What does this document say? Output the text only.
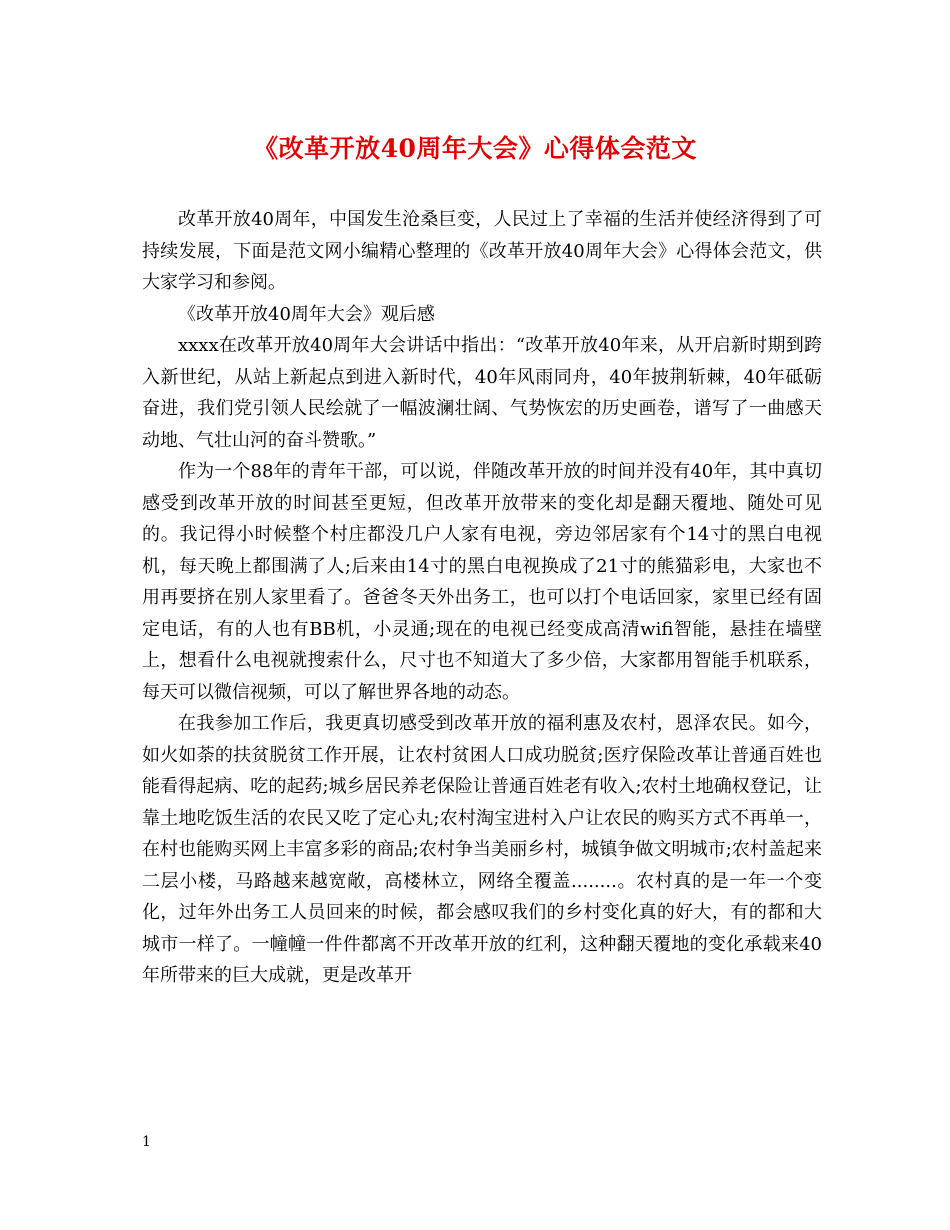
《改革开放40周年大会》心得体会范文

改革开放40周年，中国发生沧桑巨变，人民过上了幸福的生活并使经济得到了可持续发展，下面是范文网小编精心整理的《改革开放40周年大会》心得体会范文，供大家学习和参阅。

《改革开放40周年大会》观后感

xxxx在改革开放40周年大会讲话中指出：“改革开放40年来，从开启新时期到跨入新世纪，从站上新起点到进入新时代，40年风雨同舟，40年披荆斩棘，40年砥砺奋进，我们党引领人民绘就了一幅波澜壮阔、气势恢宏的历史画卷，谱写了一曲感天动地、气壮山河的奋斗赞歌。”

作为一个88年的青年干部，可以说，伴随改革开放的时间并没有40年，其中真切感受到改革开放的时间甚至更短，但改革开放带来的变化却是翻天覆地、随处可见的。我记得小时候整个村庄都没几户人家有电视，旁边邻居家有个14寸的黑白电视机，每天晚上都围满了人;后来由14寸的黑白电视换成了21寸的熊猫彩电，大家也不用再要挤在别人家里看了。爸爸冬天外出务工，也可以打个电话回家，家里已经有固定电话，有的人也有BB机，小灵通;现在的电视已经变成高清wifi智能，悬挂在墙壁上，想看什么电视就搜索什么，尺寸也不知道大了多少倍，大家都用智能手机联系，每天可以微信视频，可以了解世界各地的动态。

在我参加工作后，我更真切感受到改革开放的福利惠及农村，恩泽农民。如今，如火如荼的扶贫脱贫工作开展，让农村贫困人口成功脱贫;医疗保险改革让普通百姓也能看得起病、吃的起药;城乡居民养老保险让普通百姓老有收入;农村土地确权登记，让靠土地吃饭生活的农民又吃了定心丸;农村淘宝进村入户让农民的购买方式不再单一，在村也能购买网上丰富多彩的商品;农村争当美丽乡村，城镇争做文明城市;农村盖起来二层小楼，马路越来越宽敞，高楼林立，网络全覆盖........。农村真的是一年一个变化，过年外出务工人员回来的时候，都会感叹我们的乡村变化真的好大，有的都和大城市一样了。一幢幢一件件都离不开改革开放的红利，这种翻天覆地的变化承载来40年所带来的巨大成就，更是改革开

1
